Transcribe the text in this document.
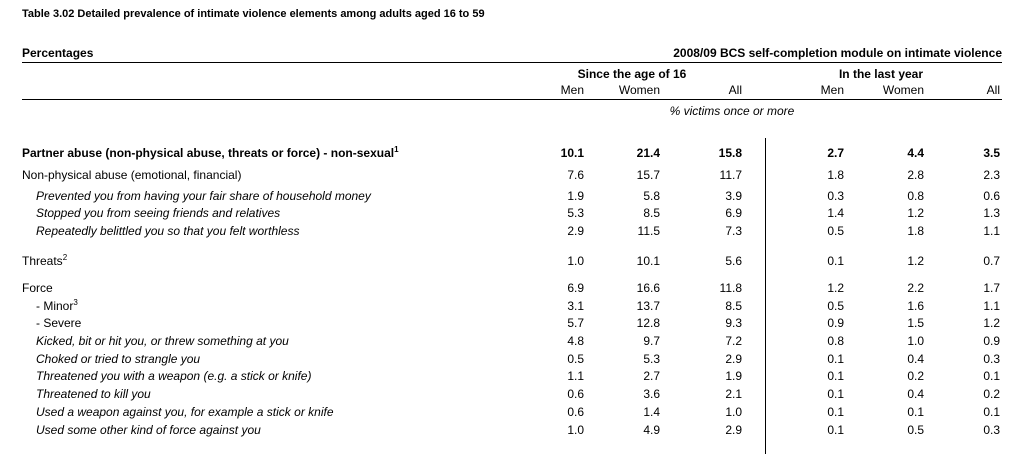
Table 3.02 Detailed prevalence of intimate violence elements among adults aged 16 to 59
Percentages	2008/09 BCS self-completion module on intimate violence
Since the age of 16	In the last year
Men	Women	All	Men	Women	All
% victims once or more
Partner abuse (non-physical abuse, threats or force) - non-sexual$^1$	10.1	21.4	15.8	2.7	4.4	3.5
Non-physical abuse (emotional, financial)	7.6	15.7	11.7	1.8	2.8	2.3
Prevented you from having your fair share of household money	1.9	5.8	3.9	0.3	0.8	0.6
Stopped you from seeing friends and relatives	5.3	8.5	6.9	1.4	1.2	1.3
Repeatedly belittled you so that you felt worthless	2.9	11.5	7.3	0.5	1.8	1.1
Threats$^2$	1.0	10.1	5.6	0.1	1.2	0.7
Force	6.9	16.6	11.8	1.2	2.2	1.7
- Minor$^3$	3.1	13.7	8.5	0.5	1.6	1.1
- Severe	5.7	12.8	9.3	0.9	1.5	1.2
Kicked, bit or hit you, or threw something at you	4.8	9.7	7.2	0.8	1.0	0.9
Choked or tried to strangle you	0.5	5.3	2.9	0.1	0.4	0.3
Threatened you with a weapon (e.g. a stick or knife)	1.1	2.7	1.9	0.1	0.2	0.1
Threatened to kill you	0.6	3.6	2.1	0.1	0.4	0.2
Used a weapon against you, for example a stick or knife	0.6	1.4	1.0	0.1	0.1	0.1
Used some other kind of force against you	1.0	4.9	2.9	0.1	0.5	0.3
